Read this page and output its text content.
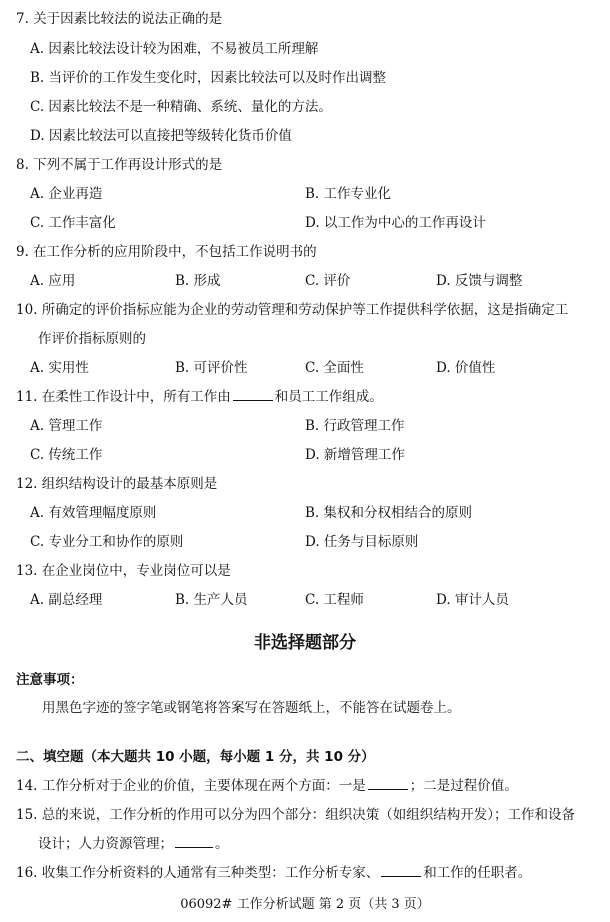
7. 关于因素比较法的说法正确的是
A. 因素比较法设计较为困难，不易被员工所理解
B. 当评价的工作发生变化时，因素比较法可以及时作出调整
C. 因素比较法不是一种精确、系统、量化的方法。
D. 因素比较法可以直接把等级转化货币价值
8. 下列不属于工作再设计形式的是
A. 企业再造	B. 工作专业化
C. 工作丰富化	D. 以工作为中心的工作再设计
9. 在工作分析的应用阶段中，不包括工作说明书的
A. 应用	B. 形成	C. 评价	D. 反馈与调整
10. 所确定的评价指标应能为企业的劳动管理和劳动保护等工作提供科学依据，这是指确定工
作评价指标原则的
A. 实用性	B. 可评价性	C. 全面性	D. 价值性
11. 在柔性工作设计中，所有工作由	和员工工作组成。
A. 管理工作	B. 行政管理工作
C. 传统工作	D. 新增管理工作
12. 组织结构设计的最基本原则是
A. 有效管理幅度原则	B. 集权和分权相结合的原则
C. 专业分工和协作的原则	D. 任务与目标原则
13. 在企业岗位中，专业岗位可以是
A. 副总经理	B. 生产人员	C. 工程师	D. 审计人员
非选择题部分
注意事项：
用黑色字迹的签字笔或钢笔将答案写在答题纸上，不能答在试题卷上。
二、填空题（本大题共 10 小题，每小题 1 分，共 10 分）
14. 工作分析对于企业的价值，主要体现在两个方面：一是	；二是过程价值。
15. 总的来说，工作分析的作用可以分为四个部分：组织决策（如组织结构开发）；工作和设备
设计；人力资源管理；	。
16. 收集工作分析资料的人通常有三种类型：工作分析专家、	和工作的任职者。
06092# 工作分析试题 第 2 页（共 3 页）
